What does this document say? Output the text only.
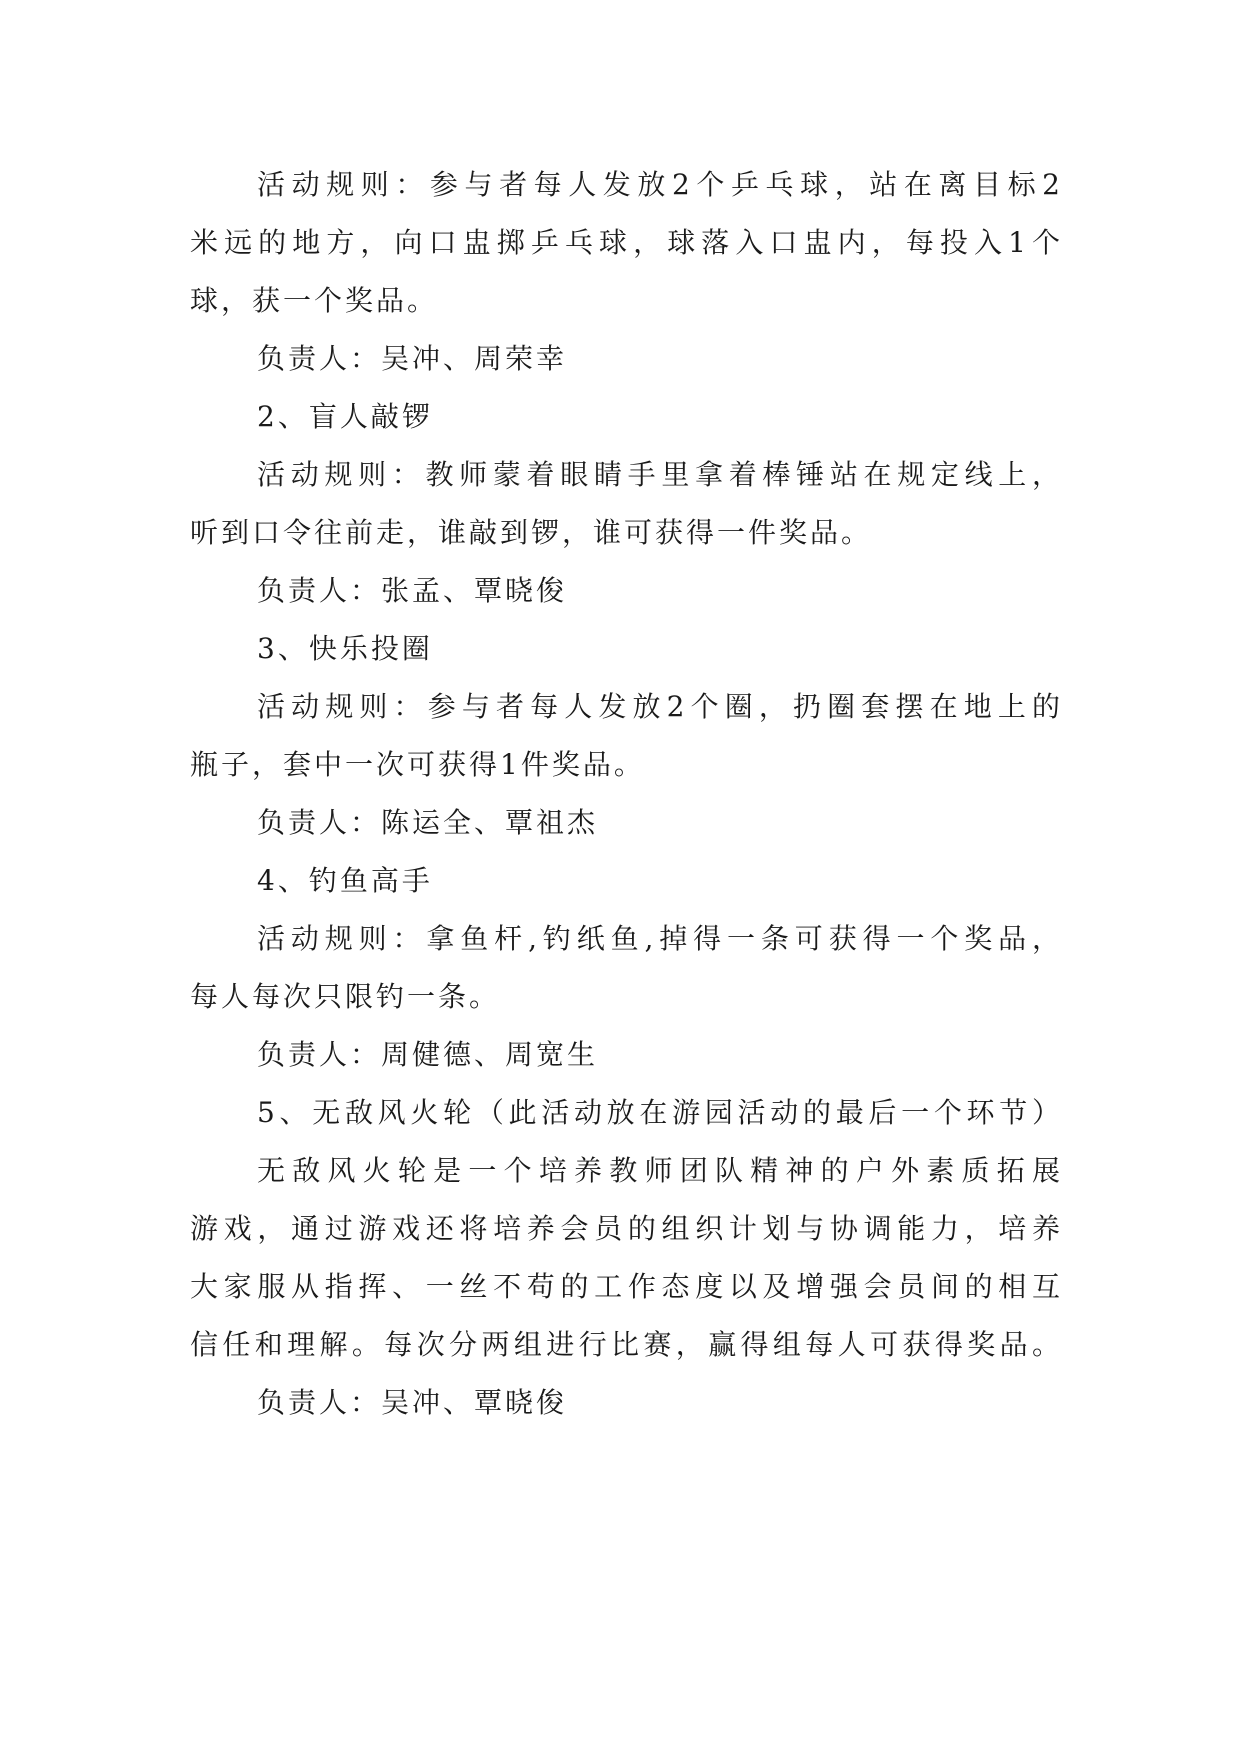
活动规则：参与者每人发放2个乒乓球，站在离目标2

米远的地方，向口盅掷乒乓球，球落入口盅内，每投入1个

球，获一个奖品。

负责人：吴冲、周荣幸

2、盲人敲锣

活动规则：教师蒙着眼睛手里拿着棒锤站在规定线上，

听到口令往前走，谁敲到锣，谁可获得一件奖品。

负责人：张孟、覃晓俊

3、快乐投圈

活动规则：参与者每人发放2个圈，扔圈套摆在地上的

瓶子，套中一次可获得1件奖品。

负责人：陈运全、覃祖杰

4、钓鱼高手

活动规则：拿鱼杆,钓纸鱼,掉得一条可获得一个奖品，

每人每次只限钓一条。

负责人：周健德、周宽生

5、无敌风火轮（此活动放在游园活动的最后一个环节）

无敌风火轮是一个培养教师团队精神的户外素质拓展

游戏，通过游戏还将培养会员的组织计划与协调能力，培养

大家服从指挥、一丝不苟的工作态度以及增强会员间的相互

信任和理解。每次分两组进行比赛，赢得组每人可获得奖品。

负责人：吴冲、覃晓俊
